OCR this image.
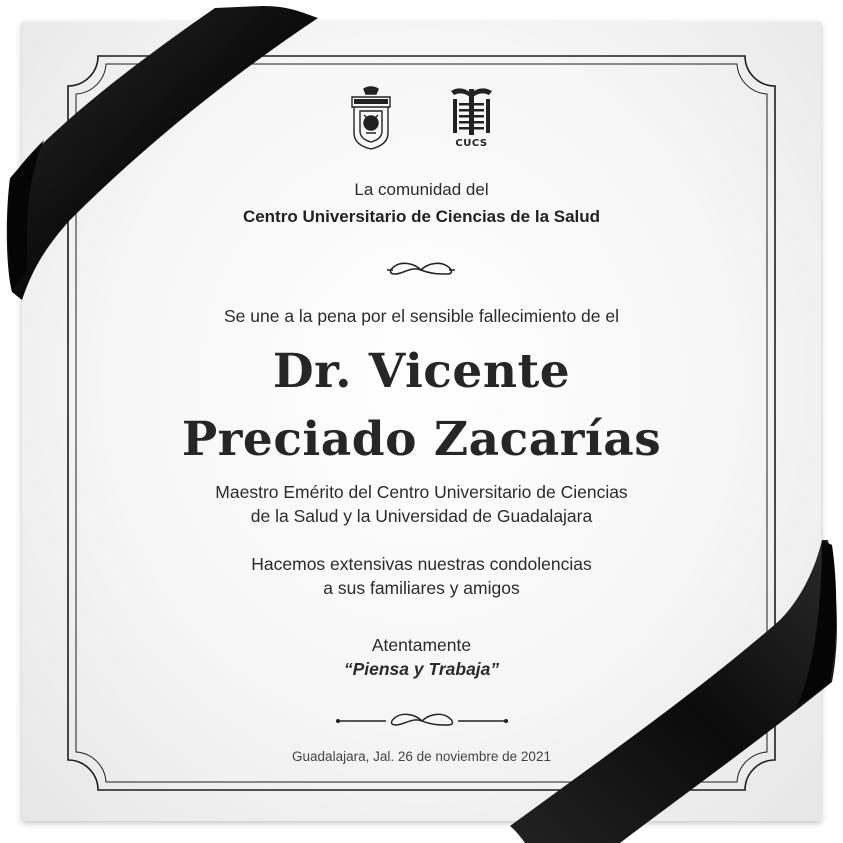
CUCS
La comunidad del
Centro Universitario de Ciencias de la Salud
Se une a la pena por el sensible fallecimiento de el
Dr. Vicente
Preciado Zacarías
Maestro Emérito del Centro Universitario de Ciencias
de la Salud y la Universidad de Guadalajara
Hacemos extensivas nuestras condolencias
a sus familiares y amigos
Atentamente
“Piensa y Trabaja”
Guadalajara, Jal. 26 de noviembre de 2021
